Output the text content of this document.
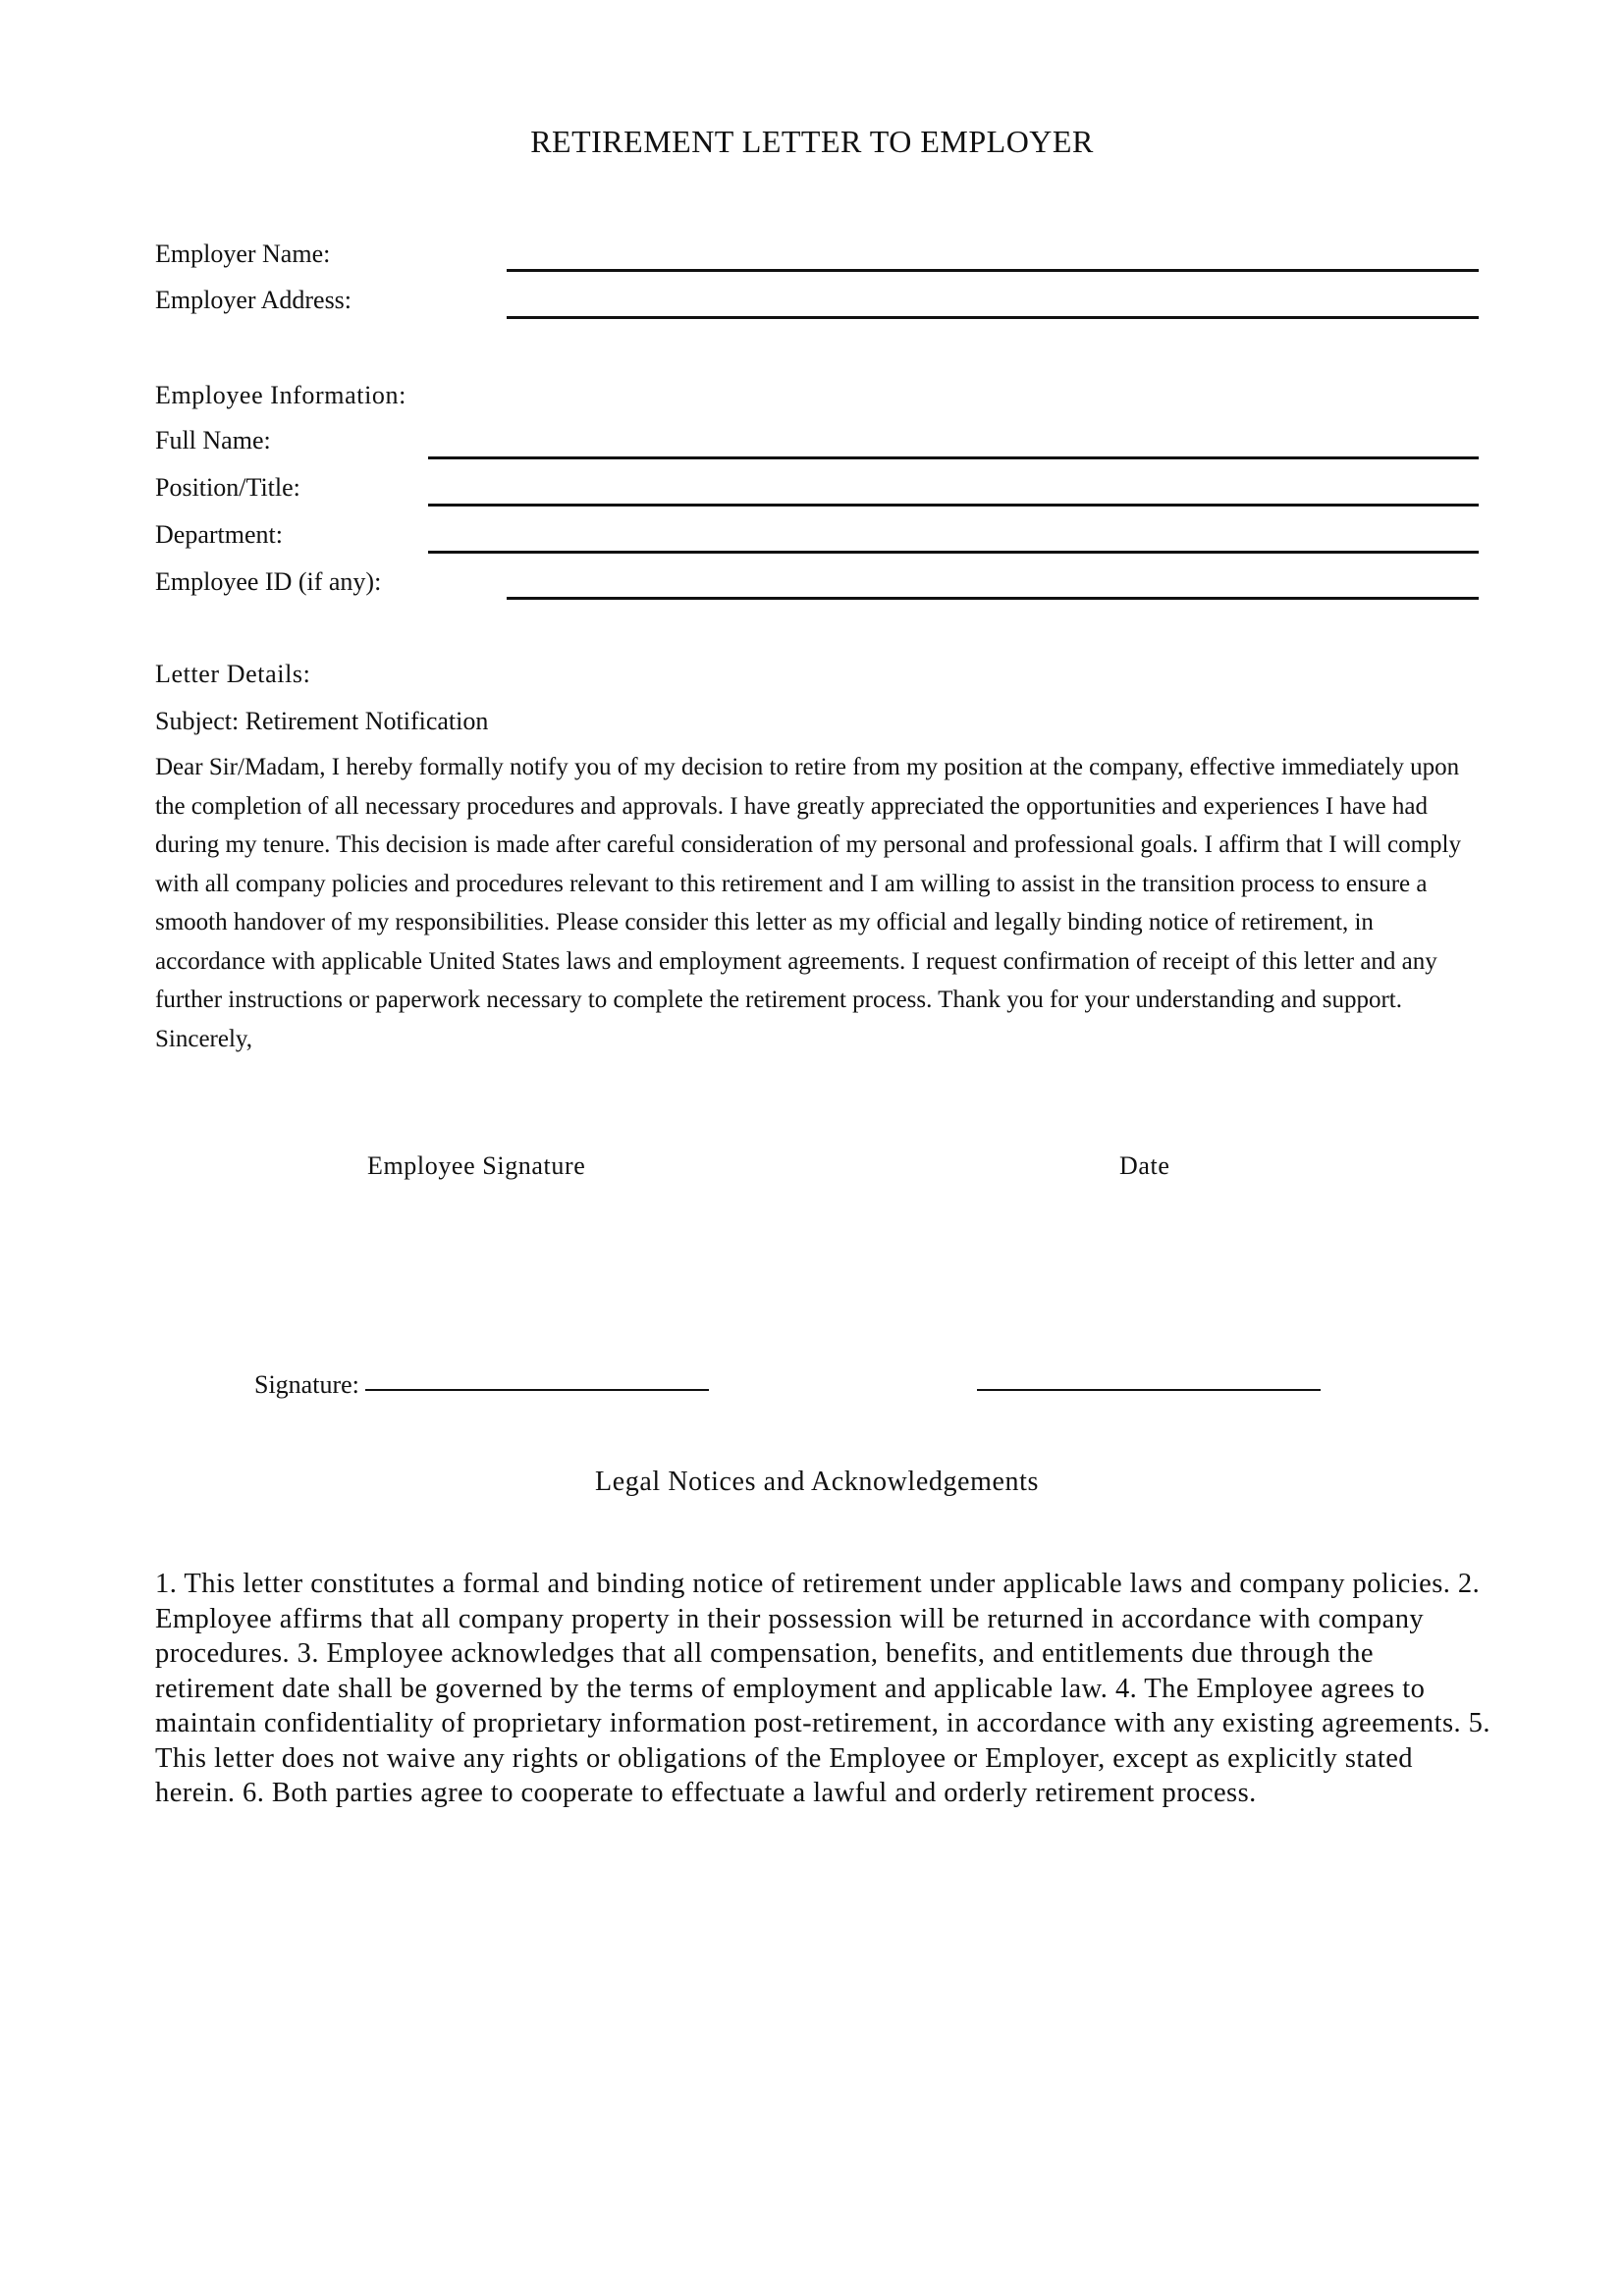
RETIREMENT LETTER TO EMPLOYER
Employer Name:
Employer Address:
Employee Information:
Full Name:
Position/Title:
Department:
Employee ID (if any):
Letter Details:
Subject: Retirement Notification
Dear Sir/Madam, I hereby formally notify you of my decision to retire from my position at the company, effective immediately upon the completion of all necessary procedures and approvals. I have greatly appreciated the opportunities and experiences I have had during my tenure. This decision is made after careful consideration of my personal and professional goals. I affirm that I will comply with all company policies and procedures relevant to this retirement and I am willing to assist in the transition process to ensure a smooth handover of my responsibilities. Please consider this letter as my official and legally binding notice of retirement, in accordance with applicable United States laws and employment agreements. I request confirmation of receipt of this letter and any further instructions or paperwork necessary to complete the retirement process. Thank you for your understanding and support. Sincerely,
Employee Signature	Date
Signature:
Legal Notices and Acknowledgements
1. This letter constitutes a formal and binding notice of retirement under applicable laws and company policies. 2. Employee affirms that all company property in their possession will be returned in accordance with company procedures. 3. Employee acknowledges that all compensation, benefits, and entitlements due through the retirement date shall be governed by the terms of employment and applicable law. 4. The Employee agrees to maintain confidentiality of proprietary information post-retirement, in accordance with any existing agreements. 5. This letter does not waive any rights or obligations of the Employee or Employer, except as explicitly stated herein. 6. Both parties agree to cooperate to effectuate a lawful and orderly retirement process.
